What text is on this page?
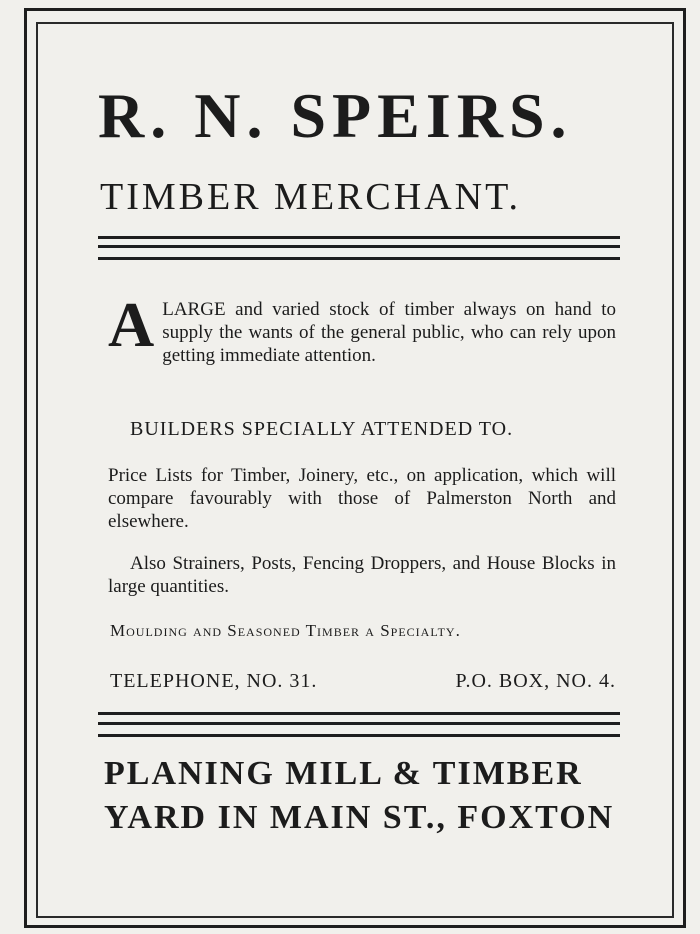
R. N. SPEIRS.
TIMBER MERCHANT.
A LARGE and varied stock of timber always on hand to supply the wants of the general public, who can rely upon getting immediate attention.
BUILDERS SPECIALLY ATTENDED TO.
Price Lists for Timber, Joinery, etc., on application, which will compare favourably with those of Palmerston North and elsewhere.
Also Strainers, Posts, Fencing Droppers, and House Blocks in large quantities.
Moulding and Seasoned Timber a Specialty.
TELEPHONE, NO. 31.	P.O. BOX, NO. 4.
PLANING MILL & TIMBER
YARD IN MAIN ST., FOXTON
